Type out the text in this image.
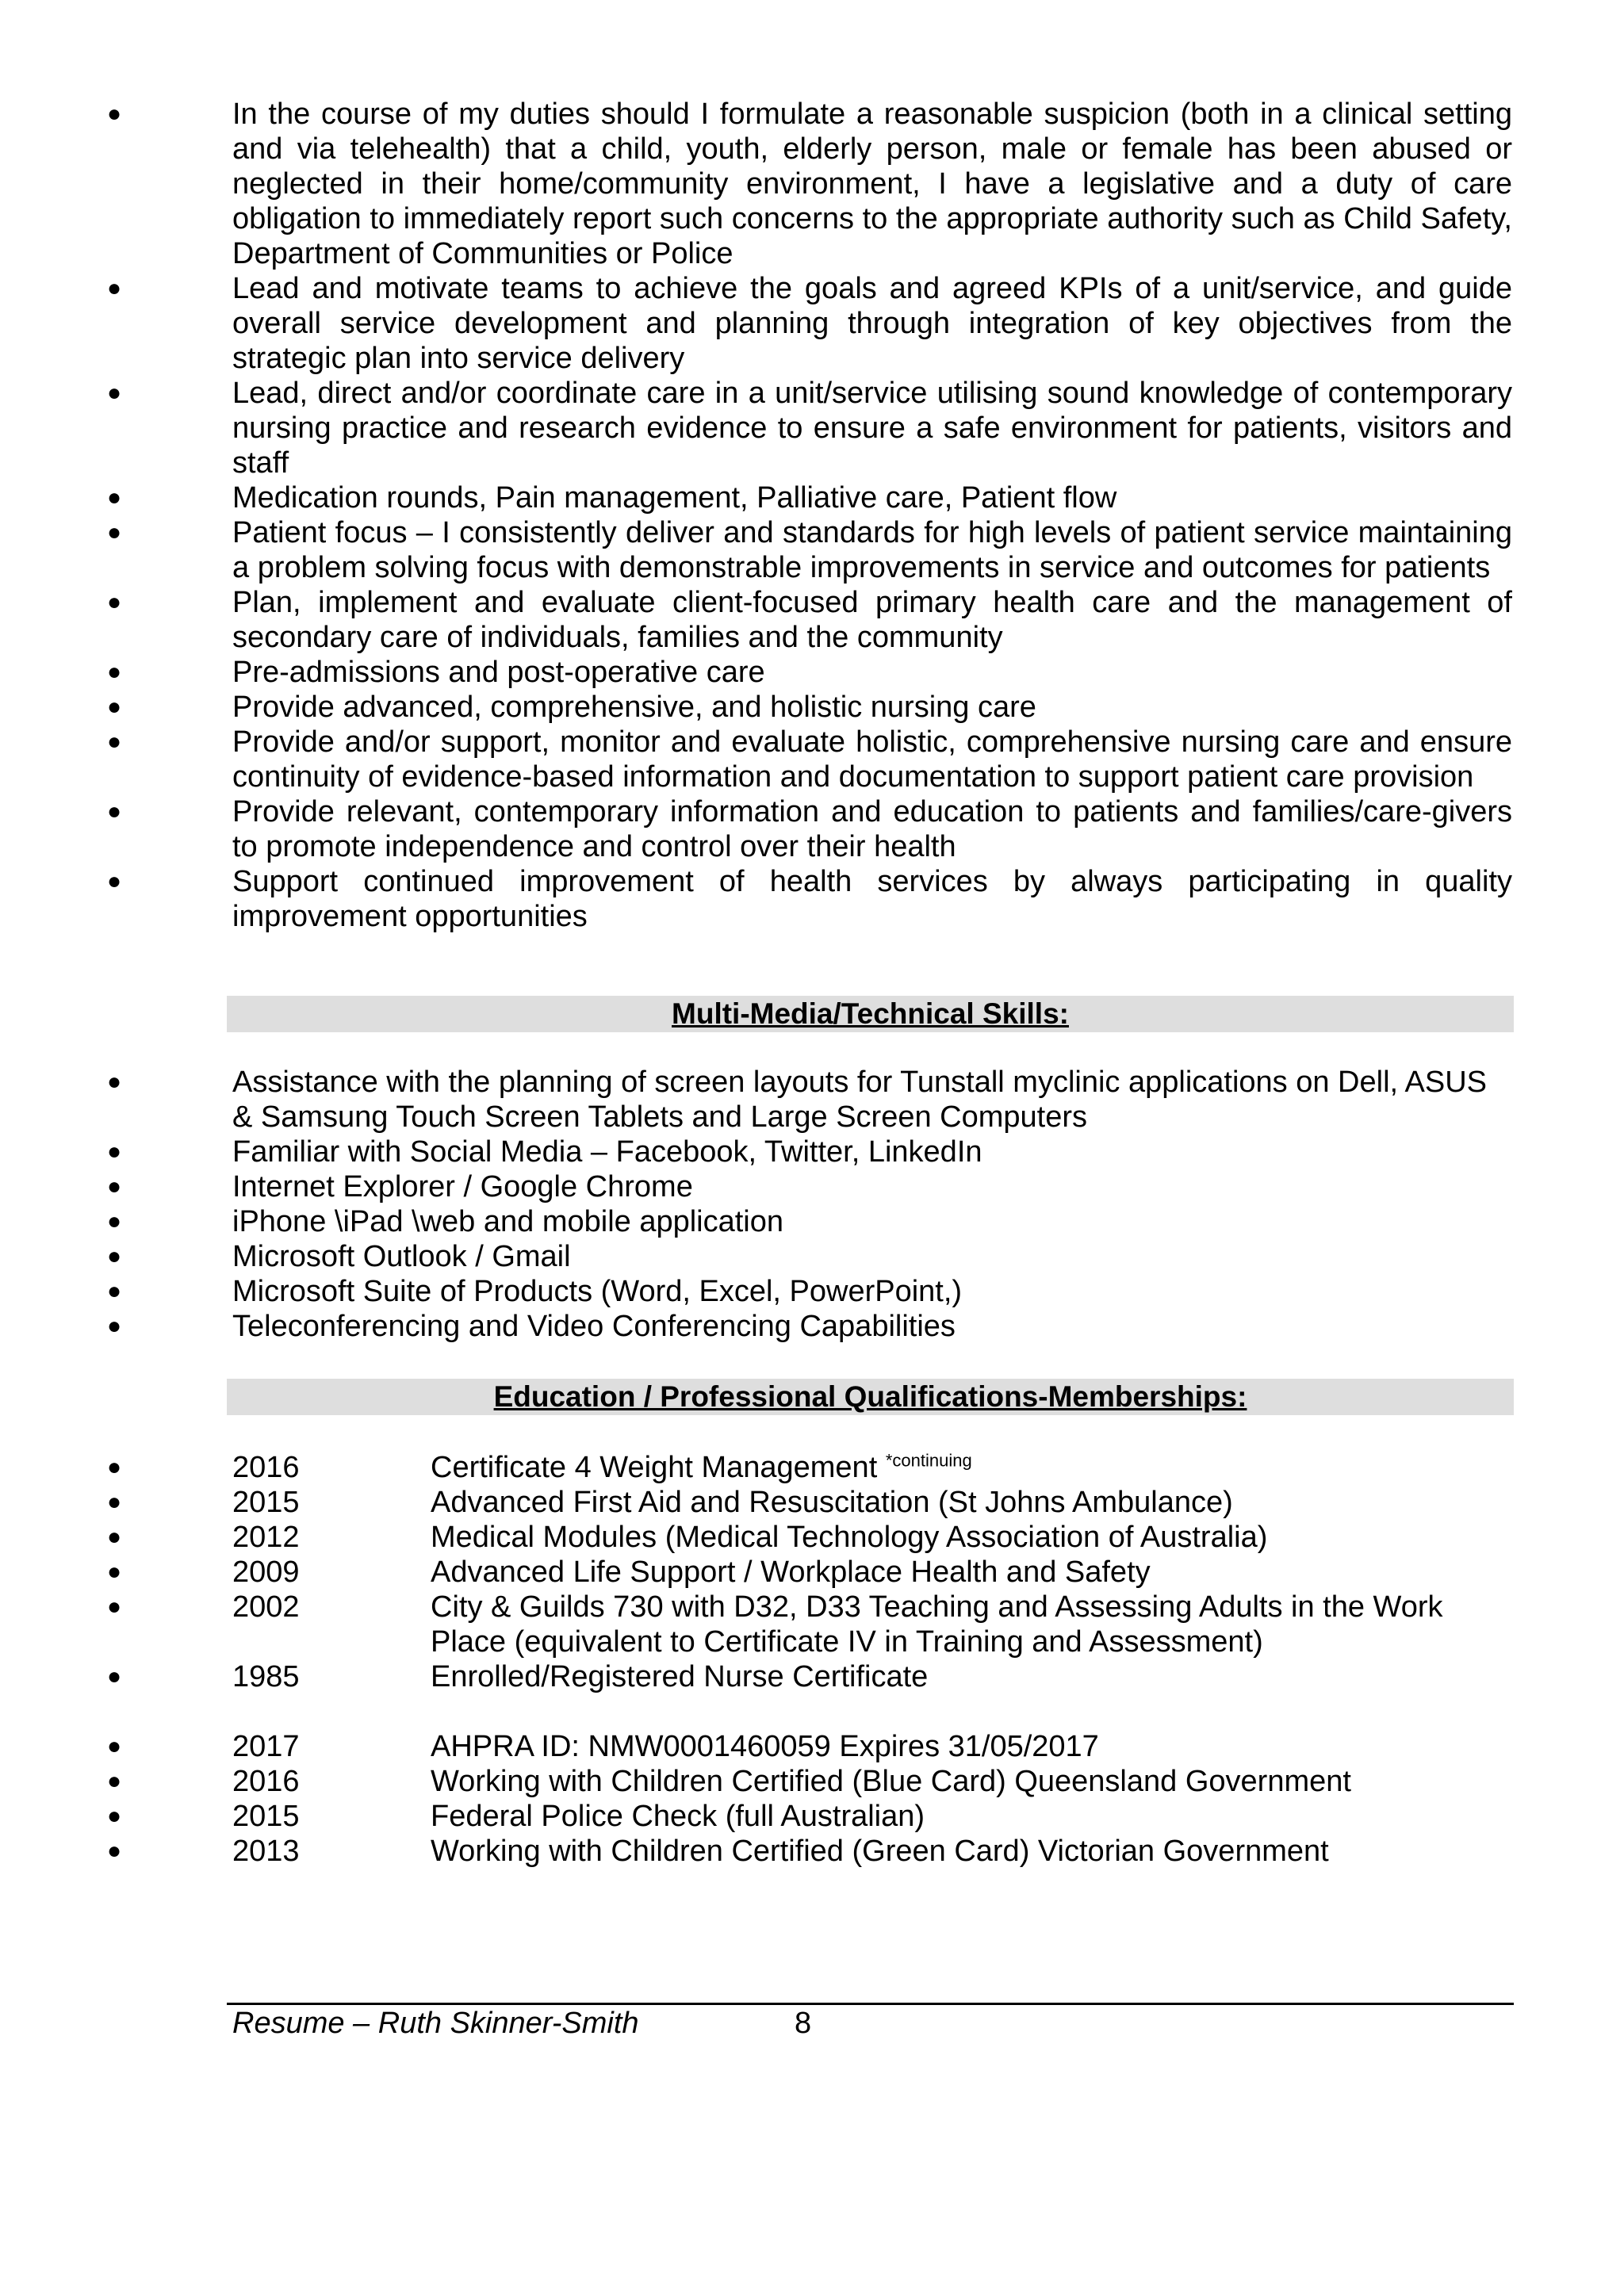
●	In the course of my duties should I formulate a reasonable suspicion (both in a clinical setting and via telehealth) that a child, youth, elderly person, male or female has been abused or neglected in their home/community environment, I have a legislative and a duty of care obligation to immediately report such concerns to the appropriate authority such as Child Safety, Department of Communities or Police
●	Lead and motivate teams to achieve the goals and agreed KPIs of a unit/service, and guide overall service development and planning through integration of key objectives from the strategic plan into service delivery
●	Lead, direct and/or coordinate care in a unit/service utilising sound knowledge of contemporary nursing practice and research evidence to ensure a safe environment for patients, visitors and staff
●	Medication rounds, Pain management, Palliative care, Patient flow
●	Patient focus – I consistently deliver and standards for high levels of patient service maintaining a problem solving focus with demonstrable improvements in service and outcomes for patients
●	Plan, implement and evaluate client-focused primary health care and the management of secondary care of individuals, families and the community
●	Pre-admissions and post-operative care
●	Provide advanced, comprehensive, and holistic nursing care
●	Provide and/or support, monitor and evaluate holistic, comprehensive nursing care and ensure continuity of evidence-based information and documentation to support patient care provision
●	Provide relevant, contemporary information and education to patients and families/care-givers to promote independence and control over their health
●	Support continued improvement of health services by always participating in quality improvement opportunities
Multi-Media/Technical Skills:
●	Assistance with the planning of screen layouts for Tunstall myclinic applications on Dell, ASUS & Samsung Touch Screen Tablets and Large Screen Computers
●	Familiar with Social Media – Facebook, Twitter, LinkedIn
●	Internet Explorer / Google Chrome
●	iPhone \iPad \web and mobile application
●	Microsoft Outlook / Gmail
●	Microsoft Suite of Products (Word, Excel, PowerPoint,)
●	Teleconferencing and Video Conferencing Capabilities
Education / Professional Qualifications-Memberships:
●	2016	Certificate 4 Weight Management $^{*continuing}$
●	2015	Advanced First Aid and Resuscitation (St Johns Ambulance)
●	2012	Medical Modules (Medical Technology Association of Australia)
●	2009	Advanced Life Support / Workplace Health and Safety
●	2002	City & Guilds 730 with D32, D33 Teaching and Assessing Adults in the Work Place (equivalent to Certificate IV in Training and Assessment)
●	1985	Enrolled/Registered Nurse Certificate
●	2017	AHPRA ID: NMW0001460059 Expires 31/05/2017
●	2016	Working with Children Certified (Blue Card) Queensland Government
●	2015	Federal Police Check (full Australian)
●	2013	Working with Children Certified (Green Card) Victorian Government
Resume – Ruth Skinner-Smith	8
